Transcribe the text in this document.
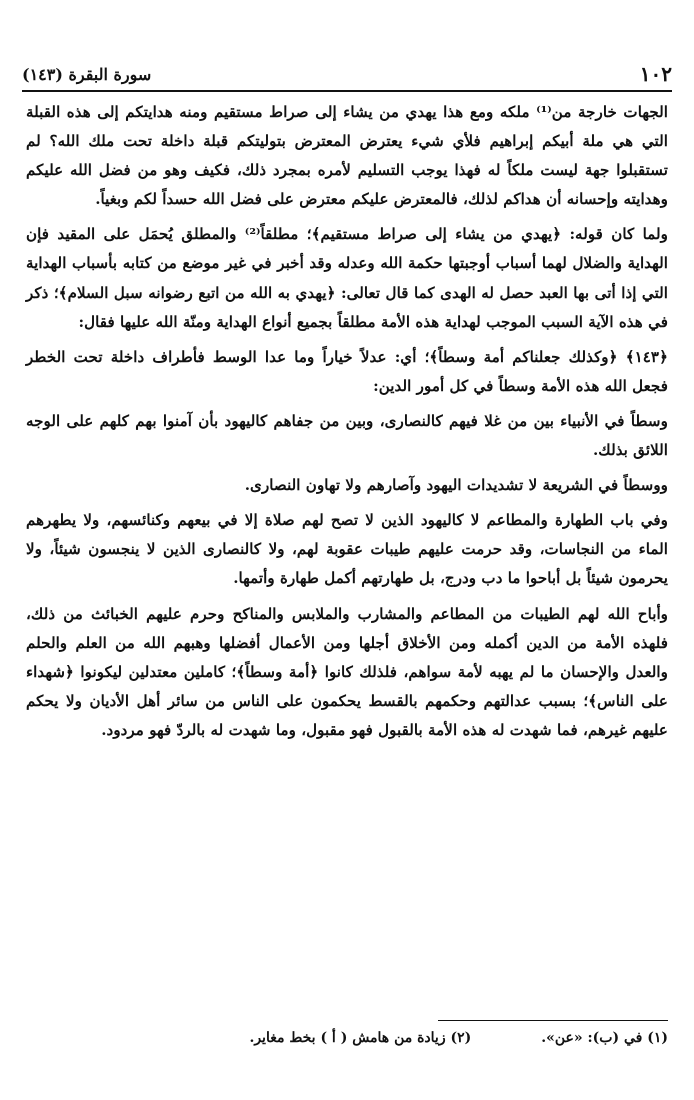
١٠٢
سورة البقرة (١٤٣)

الجهات خارجة من⁽¹⁾ ملكه ومع هذا يهدي من يشاء إلى صراط مستقيم ومنه هدايتكم إلى هذه القبلة التي هي ملة أبيكم إبراهيم فلأي شيء يعترض المعترض بتوليتكم قبلة داخلة تحت ملك الله؟ لم تستقبلوا جهة ليست ملكاً له فهذا يوجب التسليم لأمره بمجرد ذلك، فكيف وهو من فضل الله عليكم وهدايته وإحسانه أن هداكم لذلك، فالمعترض عليكم معترض على فضل الله حسداً لكم وبغياً.

ولما كان قوله: ﴿يهدي من يشاء إلى صراط مستقيم﴾؛ مطلقاً⁽²⁾ والمطلق يُحمَل على المقيد فإن الهداية والضلال لهما أسباب أوجبتها حكمة الله وعدله وقد أخبر في غير موضع من كتابه بأسباب الهداية التي إذا أتى بها العبد حصل له الهدى كما قال تعالى: ﴿يهدي به الله من اتبع رضوانه سبل السلام﴾؛ ذكر في هذه الآية السبب الموجب لهداية هذه الأمة مطلقاً بجميع أنواع الهداية ومنّة الله عليها فقال:

﴿١٤٣﴾ ﴿وكذلك جعلناكم أمة وسطاً﴾؛ أي: عدلاً خياراً وما عدا الوسط فأطراف داخلة تحت الخطر فجعل الله هذه الأمة وسطاً في كل أمور الدين:

وسطاً في الأنبياء بين من غلا فيهم كالنصارى، وبين من جفاهم كاليهود بأن آمنوا بهم كلهم على الوجه اللائق بذلك.

ووسطاً في الشريعة لا تشديدات اليهود وآصارهم ولا تهاون النصارى.

وفي باب الطهارة والمطاعم لا كاليهود الذين لا تصح لهم صلاة إلا في بيعهم وكنائسهم، ولا يطهرهم الماء من النجاسات، وقد حرمت عليهم طيبات عقوبة لهم، ولا كالنصارى الذين لا ينجسون شيئاً، ولا يحرمون شيئاً بل أباحوا ما دب ودرج، بل طهارتهم أكمل طهارة وأتمها.

وأباح الله لهم الطيبات من المطاعم والمشارب والملابس والمناكح وحرم عليهم الخبائث من ذلك، فلهذه الأمة من الدين أكمله ومن الأخلاق أجلها ومن الأعمال أفضلها وهبهم الله من العلم والحلم والعدل والإحسان ما لم يهبه لأمة سواهم، فلذلك كانوا ﴿أمة وسطاً﴾؛ كاملين معتدلين ليكونوا ﴿شهداء على الناس﴾؛ بسبب عدالتهم وحكمهم بالقسط يحكمون على الناس من سائر أهل الأديان ولا يحكم عليهم غيرهم، فما شهدت له هذه الأمة بالقبول فهو مقبول، وما شهدت له بالردّ فهو مردود.

(١) في (ب): «عن».
(٢) زيادة من هامش ( أ ) بخط مغاير.
